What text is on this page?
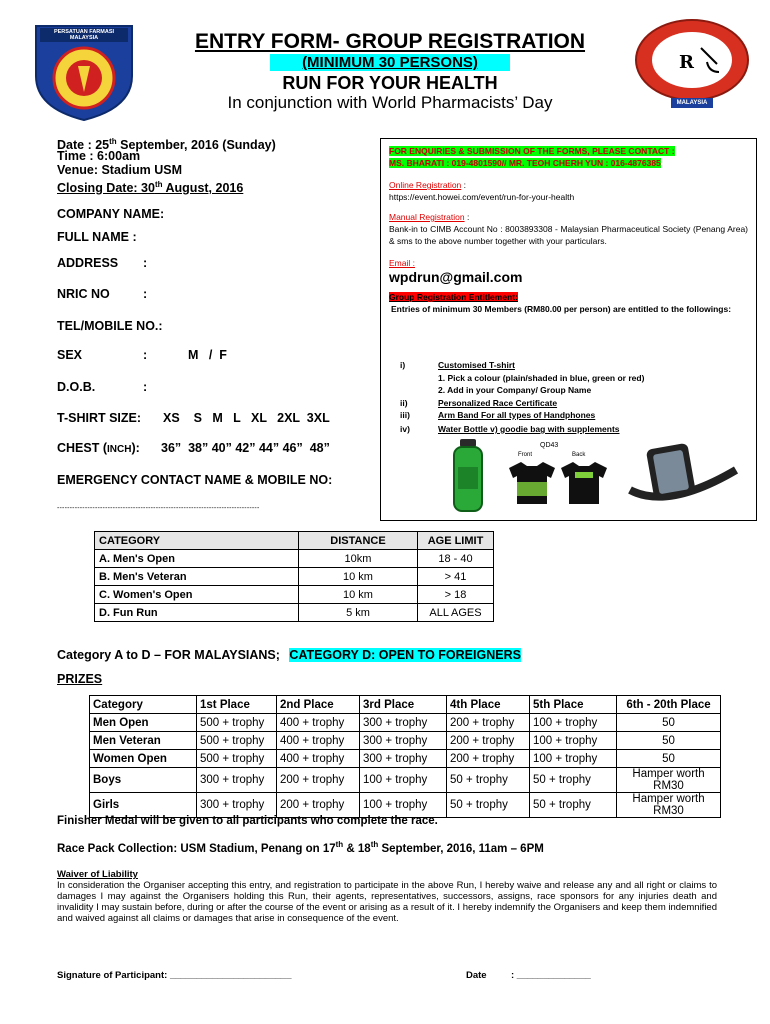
PERSATUAN FARMASI MALAYSIA
R
MALAYSIA
ENTRY FORM- GROUP REGISTRATION
(MINIMUM 30 PERSONS)
RUN FOR YOUR HEALTH
In conjunction with World Pharmacists’ Day
Date : 25th September, 2016 (Sunday)
Time : 6:00am
Venue: Stadium USM
Closing Date: 30th August, 2016
COMPANY NAME:
FULL NAME :
ADDRESS :
NRIC NO	:
TEL/MOBILE NO.:
SEX	:	M   /  F
D.O.B.	:
T-SHIRT SIZE: XS    S   M   L   XL   2XL  3XL
CHEST (INCH): 36”  38” 40” 42” 44” 46”  48”
EMERGENCY CONTACT NAME & MOBILE NO:
--------------------------------------------------------------------------------
FOR ENQUIRIES & SUBMISSION OF THE FORMS, PLEASE CONTACT :
MS. BHARATI : 019-4801590// MR. TEOH CHERH YUN : 016-4876385
Online Registration :
https://event.howei.com/event/run-for-your-health
Manual Registration :
Bank-in to CIMB Account No : 8003893308 - Malaysian Pharmaceutical Society (Penang Area) & sms to the above number together with your particulars.
Email :
wpdrun@gmail.com
Group Registration Entitlement:
Entries of minimum 30 Members (RM80.00 per person) are entitled to the followings:
i)	Customised T-shirt
1. Pick a colour (plain/shaded in blue, green or red)
2. Add in your Company/ Group Name
ii)	Personalized Race Certificate
iii)	Arm Band For all types of Handphones
iv)	Water Bottle v) goodie bag with supplements
QD43
Front	Back
CATEGORY	DISTANCE	AGE LIMIT
A. Men's Open	10km	18 - 40
B. Men's Veteran	10 km	> 41
C. Women's Open	10 km	> 18
D. Fun Run	5 km	ALL AGES
Category A to D – FOR MALAYSIANS; CATEGORY D: OPEN TO FOREIGNERS
PRIZES
Category	1st Place	2nd Place	3rd Place	4th Place	5th Place	6th - 20th Place
Men Open	500 + trophy	400 + trophy	300 + trophy	200 + trophy	100 + trophy	50
Men Veteran	500 + trophy	400 + trophy	300 + trophy	200 + trophy	100 + trophy	50
Women Open	500 + trophy	400 + trophy	300 + trophy	200 + trophy	100 + trophy	50
Boys	300 + trophy	200 + trophy	100 + trophy	50 + trophy	50 + trophy	Hamper worth RM30
Girls	300 + trophy	200 + trophy	100 + trophy	50 + trophy	50 + trophy	Hamper worth RM30
Finisher Medal will be given to all participants who complete the race.
Race Pack Collection: USM Stadium, Penang on 17th & 18th September, 2016, 11am – 6PM
Waiver of Liability
In consideration the Organiser accepting this entry, and registration to participate in the above Run, I hereby waive and release any and all right or claims to damages I may against the Organisers holding this Run, their agents, representatives, successors, assigns, race sponsors for any injuries death and invalidity I may sustain before, during or after the course of the event or arising as a result of it. I hereby indemnify the Organisers and keep them indemnified and waived against all claims or damages that arise in consequence of the event.
Signature of Participant: _______________________	Date	: ______________
